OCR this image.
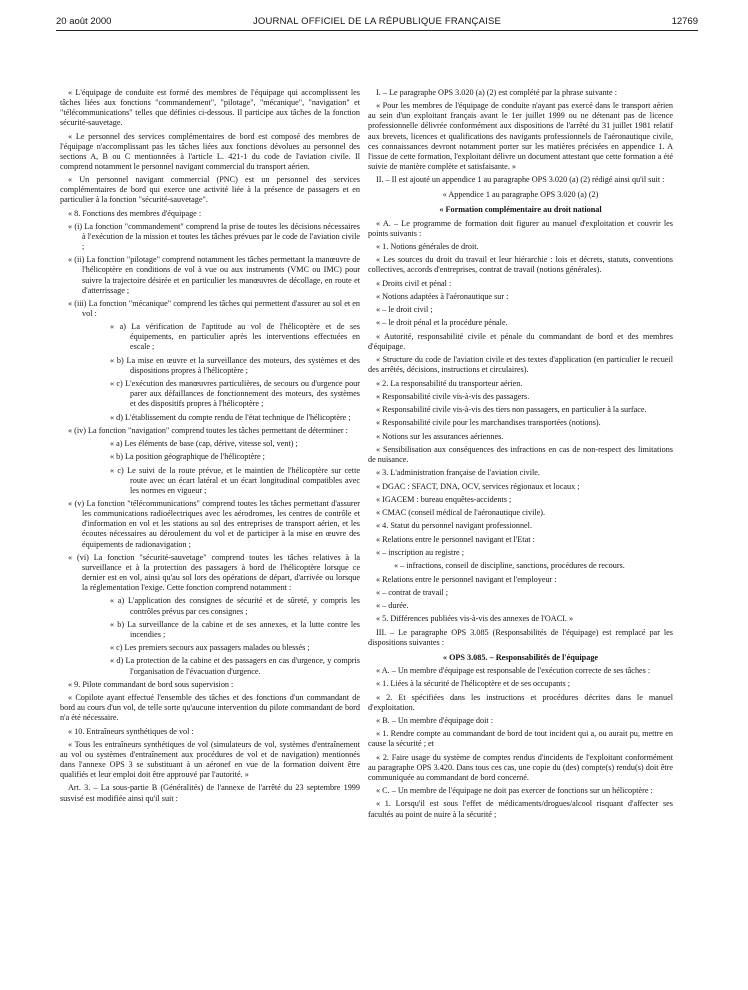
20 août 2000	JOURNAL OFFICIEL DE LA RÉPUBLIQUE FRANÇAISE	12769

« L'équipage de conduite est formé des membres de l'équipage qui accomplissent les tâches liées aux fonctions "commandement", "pilotage", "mécanique", "navigation" et "télécommunications" telles que définies ci-dessous. Il participe aux tâches de la fonction sécurité-sauvetage.

« Le personnel des services complémentaires de bord est composé des membres de l'équipage n'accomplissant pas les tâches liées aux fonctions dévolues au personnel des sections A, B ou C mentionnées à l'article L. 421-1 du code de l'aviation civile. Il comprend notamment le personnel navigant commercial du transport aérien.

« Un personnel navigant commercial (PNC) est un personnel des services complémentaires de bord qui exerce une activité liée à la présence de passagers et en particulier à la fonction "sécurité-sauvetage".

« 8. Fonctions des membres d'équipage :

« (i) La fonction "commandement" comprend la prise de toutes les décisions nécessaires à l'exécution de la mission et toutes les tâches prévues par le code de l'aviation civile ;

« (ii) La fonction "pilotage" comprend notamment les tâches permettant la manœuvre de l'hélicoptère en conditions de vol à vue ou aux instruments (VMC ou IMC) pour suivre la trajectoire désirée et en particulier les manœuvres de décollage, en route et d'atterrissage ;

« (iii) La fonction "mécanique" comprend les tâches qui permettent d'assurer au sol et en vol :

« a) La vérification de l'aptitude au vol de l'hélicoptère et de ses équipements, en particulier après les interventions effectuées en escale ;

« b) La mise en œuvre et la surveillance des moteurs, des systèmes et des dispositions propres à l'hélicoptère ;

« c) L'exécution des manœuvres particulières, de secours ou d'urgence pour parer aux défaillances de fonctionnement des moteurs, des systèmes et des dispositifs propres à l'hélicoptère ;

« d) L'établissement du compte rendu de l'état technique de l'hélicoptère ;

« (iv) La fonction "navigation" comprend toutes les tâches permettant de déterminer :

« a) Les éléments de base (cap, dérive, vitesse sol, vent) ;

« b) La position géographique de l'hélicoptère ;

« c) Le suivi de la route prévue, et le maintien de l'hélicoptère sur cette route avec un écart latéral et un écart longitudinal compatibles avec les normes en vigueur ;

« (v) La fonction "télécommunications" comprend toutes les tâches permettant d'assurer les communications radioélectriques avec les aérodromes, les centres de contrôle et d'information en vol et les stations au sol des entreprises de transport aérien, et les écoutes nécessaires au déroulement du vol et de participer à la mise en œuvre des équipements de radionavigation ;

« (vi) La fonction "sécurité-sauvetage" comprend toutes les tâches relatives à la surveillance et à la protection des passagers à bord de l'hélicoptère lorsque ce dernier est en vol, ainsi qu'au sol lors des opérations de départ, d'arrivée ou lorsque la réglementation l'exige. Cette fonction comprend notamment :

« a) L'application des consignes de sécurité et de sûreté, y compris les contrôles prévus par ces consignes ;

« b) La surveillance de la cabine et de ses annexes, et la lutte contre les incendies ;

« c) Les premiers secours aux passagers malades ou blessés ;

« d) La protection de la cabine et des passagers en cas d'urgence, y compris l'organisation de l'évacuation d'urgence.

« 9. Pilote commandant de bord sous supervision :

« Copilote ayant effectué l'ensemble des tâches et des fonctions d'un commandant de bord au cours d'un vol, de telle sorte qu'aucune intervention du pilote commandant de bord n'a été nécessaire.

« 10. Entraîneurs synthétiques de vol :

« Tous les entraîneurs synthétiques de vol (simulateurs de vol, systèmes d'entraînement au vol ou systèmes d'entraînement aux procédures de vol et de navigation) mentionnés dans l'annexe OPS 3 se substituant à un aéronef en vue de la formation doivent être qualifiés et leur emploi doit être approuvé par l'autorité. »

Art. 3. – La sous-partie B (Généralités) de l'annexe de l'arrêté du 23 septembre 1999 susvisé est modifiée ainsi qu'il suit :

I. – Le paragraphe OPS 3.020 (a) (2) est complété par la phrase suivante :

« Pour les membres de l'équipage de conduite n'ayant pas exercé dans le transport aérien au sein d'un exploitant français avant le 1er juillet 1999 ou ne détenant pas de licence professionnelle délivrée conformément aux dispositions de l'arrêté du 31 juillet 1981 relatif aux brevets, licences et qualifications des navigants professionnels de l'aéronautique civile, ces connaissances devront notamment porter sur les matières précisées en appendice 1. A l'issue de cette formation, l'exploitant délivre un document attestant que cette formation a été suivie de manière complète et satisfaisante. »

II. – Il est ajouté un appendice 1 au paragraphe OPS 3.020 (a) (2) rédigé ainsi qu'il suit :

« Appendice 1 au paragraphe OPS 3.020 (a) (2)

« Formation complémentaire au droit national

« A. – Le programme de formation doit figurer au manuel d'exploitation et couvrir les points suivants :

« 1. Notions générales de droit.

« Les sources du droit du travail et leur hiérarchie : lois et décrets, statuts, conventions collectives, accords d'entreprises, contrat de travail (notions générales).

« Droits civil et pénal :

« Notions adaptées à l'aéronautique sur :

« – le droit civil ;

« – le droit pénal et la procédure pénale.

« Autorité, responsabilité civile et pénale du commandant de bord et des membres d'équipage.

« Structure du code de l'aviation civile et des textes d'application (en particulier le recueil des arrêtés, décisions, instructions et circulaires).

« 2. La responsabilité du transporteur aérien.

« Responsabilité civile vis-à-vis des passagers.

« Responsabilité civile vis-à-vis des tiers non passagers, en particulier à la surface.

« Responsabilité civile pour les marchandises transportées (notions).

« Notions sur les assurances aériennes.

« Sensibilisation aux conséquences des infractions en cas de non-respect des limitations de nuisance.

« 3. L'administration française de l'aviation civile.

« DGAC : SFACT, DNA, OCV, services régionaux et locaux ;

« IGACEM : bureau enquêtes-accidents ;

« CMAC (conseil médical de l'aéronautique civile).

« 4. Statut du personnel navigant professionnel.

« Relations entre le personnel navigant et l'Etat :

« – inscription au registre ;

« – infractions, conseil de discipline, sanctions, procédures de recours.

« Relations entre le personnel navigant et l'employeur :

« – contrat de travail ;

« – durée.

« 5. Différences publiées vis-à-vis des annexes de l'OACI. »

III. – Le paragraphe OPS 3.085 (Responsabilités de l'équipage) est remplacé par les dispositions suivantes :

« OPS 3.085. – Responsabilités de l'équipage

« A. – Un membre d'équipage est responsable de l'exécution correcte de ses tâches :

« 1. Liées à la sécurité de l'hélicoptère et de ses occupants ;

« 2. Et spécifiées dans les instructions et procédures décrites dans le manuel d'exploitation.

« B. – Un membre d'équipage doit :

« 1. Rendre compte au commandant de bord de tout incident qui a, ou aurait pu, mettre en cause la sécurité ; et

« 2. Faire usage du système de comptes rendus d'incidents de l'exploitant conformément au paragraphe OPS 3.420. Dans tous ces cas, une copie du (des) compte(s) rendu(s) doit être communiquée au commandant de bord concerné.

« C. – Un membre de l'équipage ne doit pas exercer de fonctions sur un hélicoptère :

« 1. Lorsqu'il est sous l'effet de médicaments/drogues/alcool risquant d'affecter ses facultés au point de nuire à la sécurité ;
